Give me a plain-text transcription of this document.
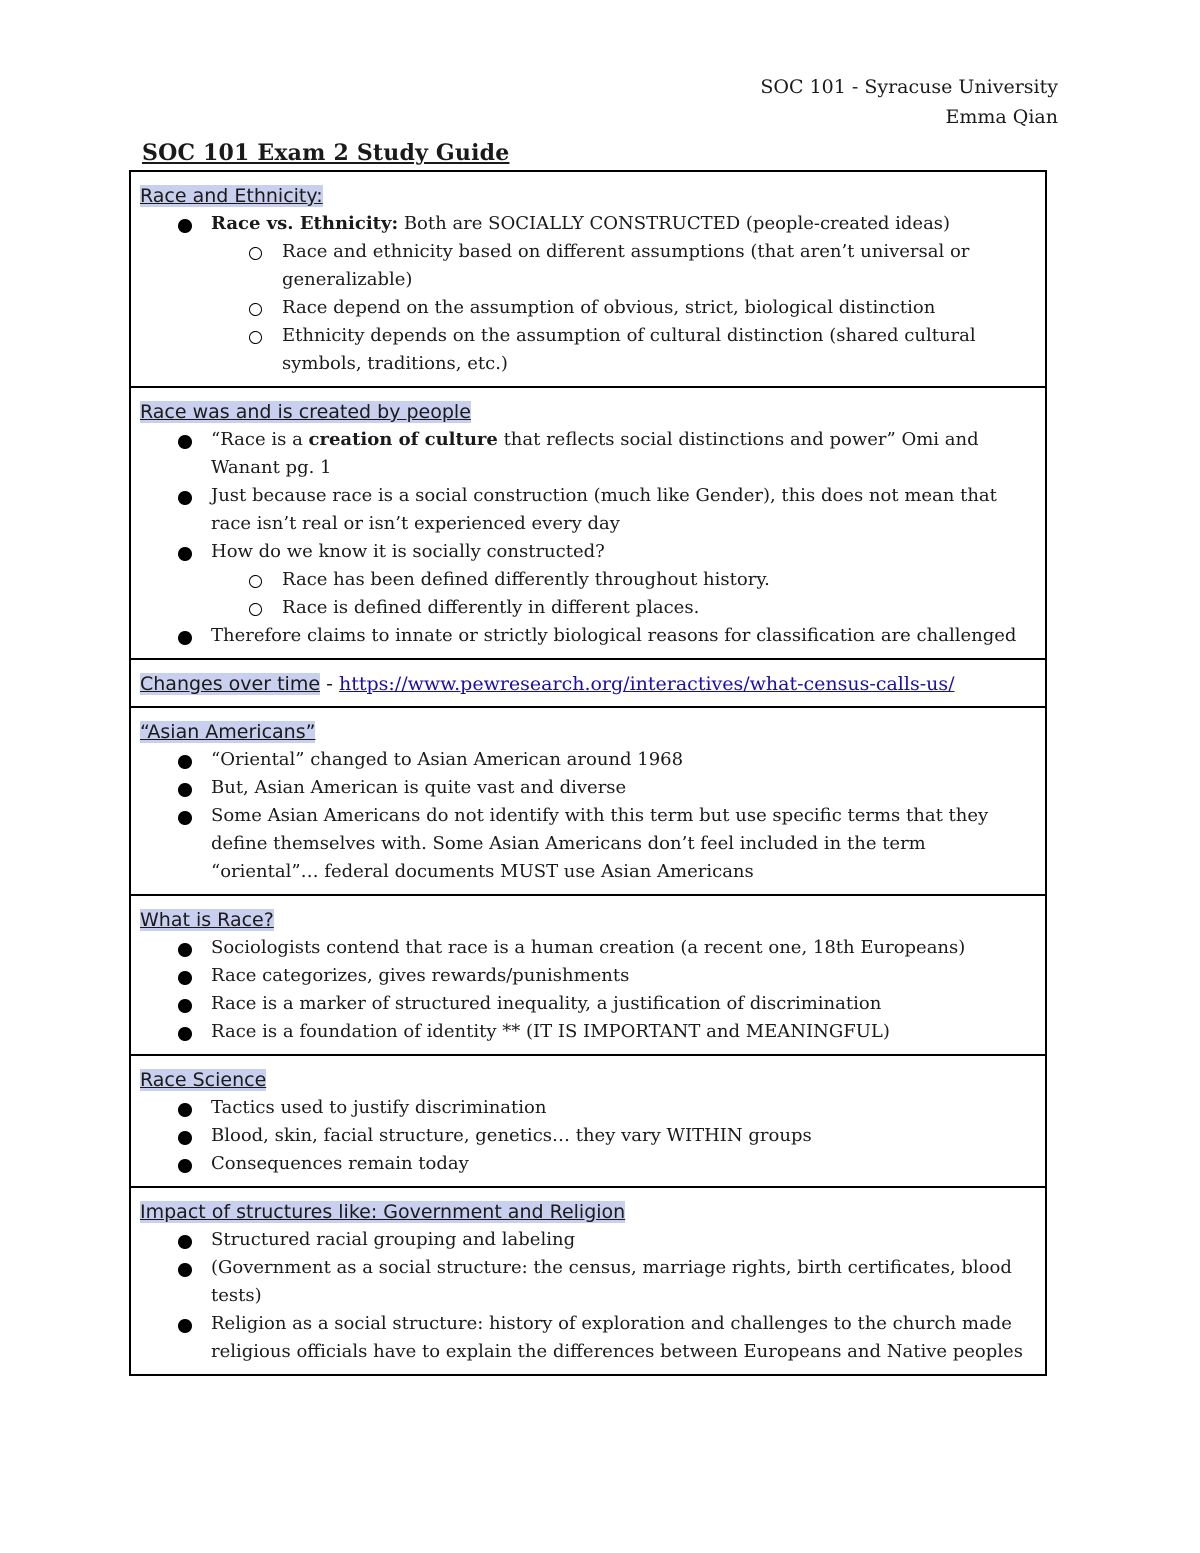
SOC 101 - Syracuse University
Emma Qian
SOC 101 Exam 2 Study Guide
Race and Ethnicity:
Race vs. Ethnicity: Both are SOCIALLY CONSTRUCTED (people-created ideas)
Race and ethnicity based on different assumptions (that aren’t universal or generalizable)
Race depend on the assumption of obvious, strict, biological distinction
Ethnicity depends on the assumption of cultural distinction (shared cultural symbols, traditions, etc.)
Race was and is created by people
“Race is a creation of culture that reflects social distinctions and power” Omi and Wanant pg. 1
Just because race is a social construction (much like Gender), this does not mean that race isn’t real or isn’t experienced every day
How do we know it is socially constructed?
Race has been defined differently throughout history.
Race is defined differently in different places.
Therefore claims to innate or strictly biological reasons for classification are challenged
Changes over time - https://www.pewresearch.org/interactives/what-census-calls-us/
“Asian Americans”
“Oriental” changed to Asian American around 1968
But, Asian American is quite vast and diverse
Some Asian Americans do not identify with this term but use specific terms that they define themselves with. Some Asian Americans don’t feel included in the term “oriental”… federal documents MUST use Asian Americans
What is Race?
Sociologists contend that race is a human creation (a recent one, 18th Europeans)
Race categorizes, gives rewards/punishments
Race is a marker of structured inequality, a justification of discrimination
Race is a foundation of identity ** (IT IS IMPORTANT and MEANINGFUL)
Race Science
Tactics used to justify discrimination
Blood, skin, facial structure, genetics… they vary WITHIN groups
Consequences remain today
Impact of structures like: Government and Religion
Structured racial grouping and labeling
(Government as a social structure: the census, marriage rights, birth certificates, blood tests)
Religion as a social structure: history of exploration and challenges to the church made religious officials have to explain the differences between Europeans and Native peoples
